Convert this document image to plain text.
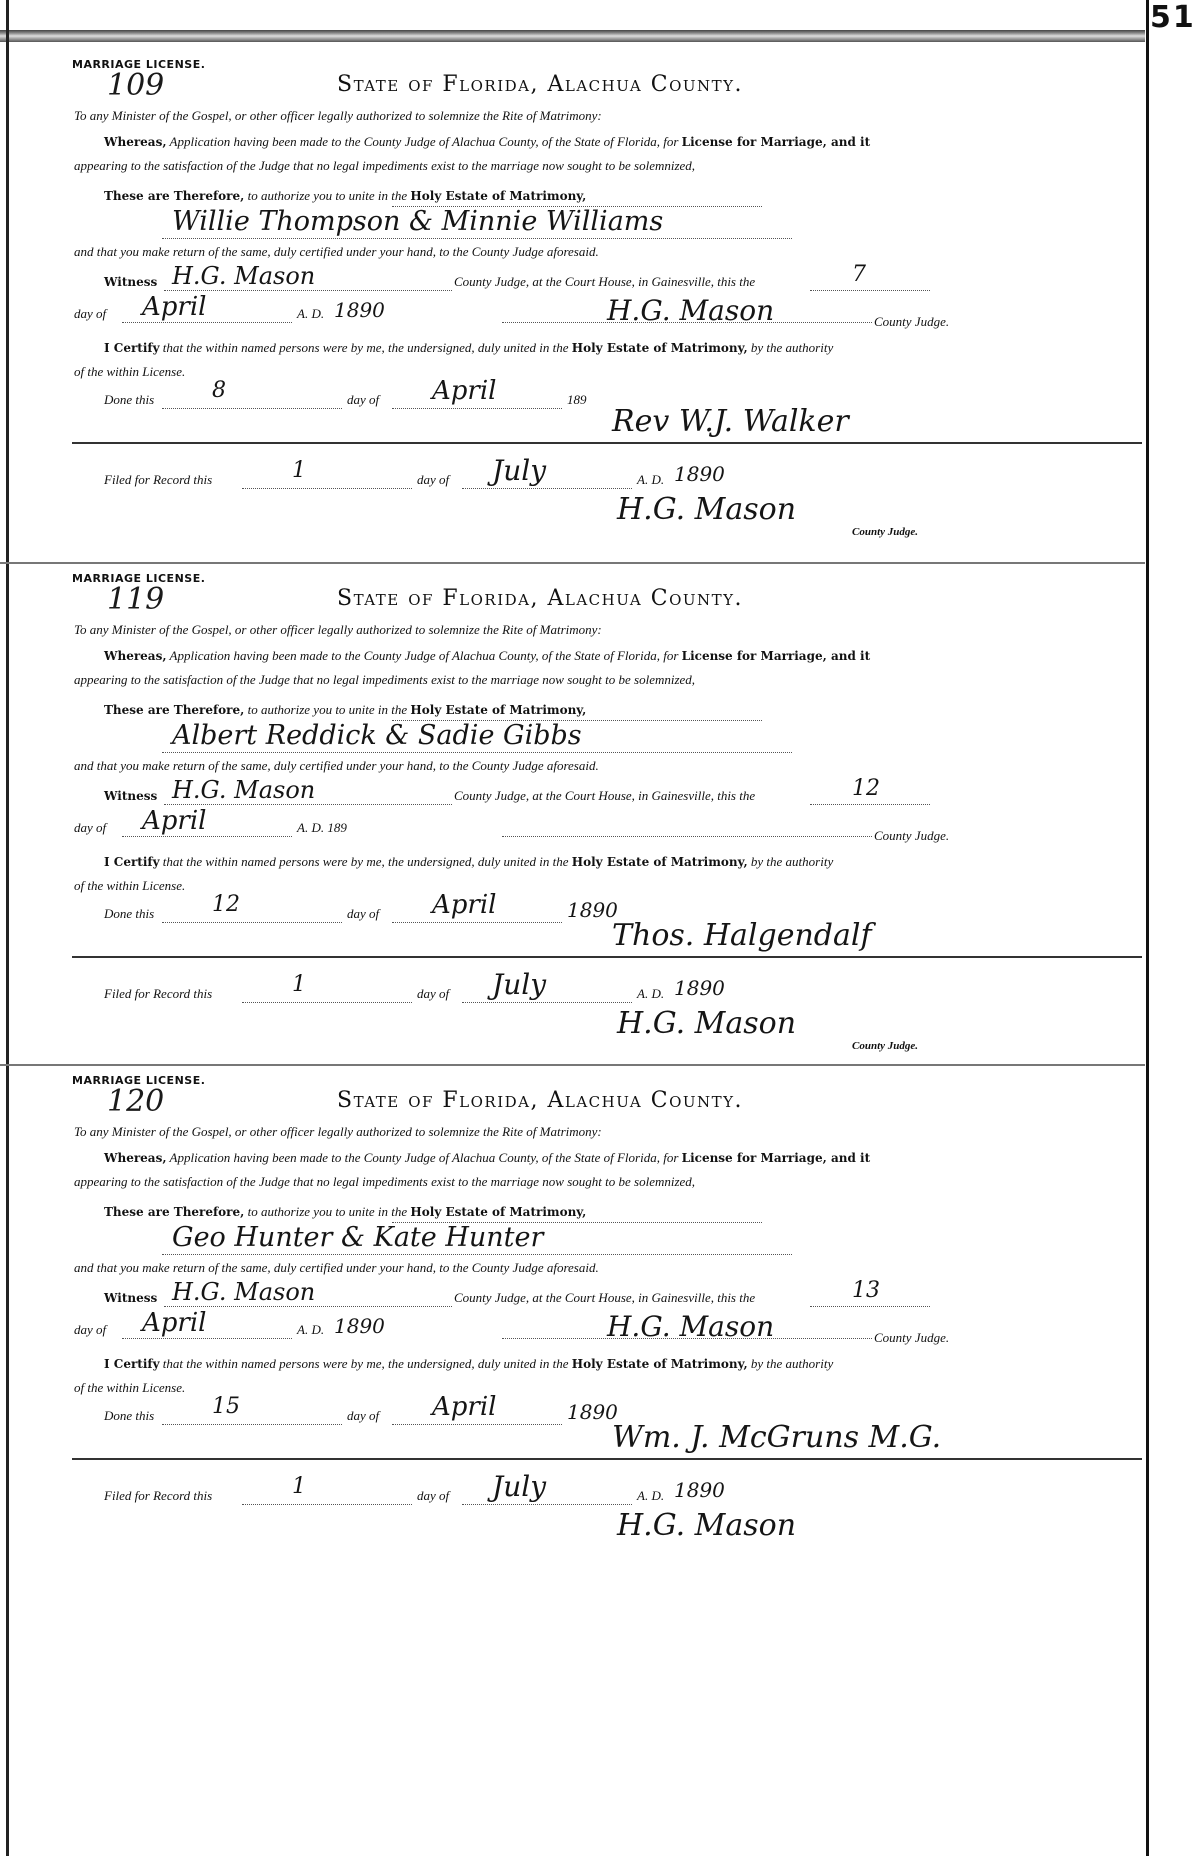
51
MARRIAGE LICENSE.
109	State of Florida, Alachua County.
To any Minister of the Gospel, or other officer legally authorized to solemnize the Rite of Matrimony:
Whereas, Application having been made to the County Judge of Alachua County, of the State of Florida, for License for Marriage, and it
appearing to the satisfaction of the Judge that no legal impediments exist to the marriage now sought to be solemnized,
These are Therefore, to authorize you to unite in the Holy Estate of Matrimony,
Willie Thompson & Minnie Williams
and that you make return of the same, duly certified under your hand, to the County Judge aforesaid.
Witness H.G. Mason	County Judge, at the Court House, in Gainesville, this the	7
day of April	A. D. 1890	H.G. Mason	County Judge.
I Certify that the within named persons were by me, the undersigned, duly united in the Holy Estate of Matrimony, by the authority
of the within License.
Done this	8	day of April	189
Rev W.J. Walker
Filed for Record this	1	day of July	A. D. 1890
H.G. Mason
County Judge.
MARRIAGE LICENSE.
119	State of Florida, Alachua County.
To any Minister of the Gospel, or other officer legally authorized to solemnize the Rite of Matrimony:
Whereas, Application having been made to the County Judge of Alachua County, of the State of Florida, for License for Marriage, and it
appearing to the satisfaction of the Judge that no legal impediments exist to the marriage now sought to be solemnized,
These are Therefore, to authorize you to unite in the Holy Estate of Matrimony,
Albert Reddick & Sadie Gibbs
and that you make return of the same, duly certified under your hand, to the County Judge aforesaid.
Witness H.G. Mason	County Judge, at the Court House, in Gainesville, this the	12
day of April	A. D. 189
County Judge.
I Certify that the within named persons were by me, the undersigned, duly united in the Holy Estate of Matrimony, by the authority
of the within License.
Done this	12	day of April	1890
Thos. Halgendalf
Filed for Record this	1	day of July	A. D. 1890
H.G. Mason
County Judge.
MARRIAGE LICENSE.
120	State of Florida, Alachua County.
To any Minister of the Gospel, or other officer legally authorized to solemnize the Rite of Matrimony:
Whereas, Application having been made to the County Judge of Alachua County, of the State of Florida, for License for Marriage, and it
appearing to the satisfaction of the Judge that no legal impediments exist to the marriage now sought to be solemnized,
These are Therefore, to authorize you to unite in the Holy Estate of Matrimony,
Geo Hunter & Kate Hunter
and that you make return of the same, duly certified under your hand, to the County Judge aforesaid.
Witness H.G. Mason	County Judge, at the Court House, in Gainesville, this the	13
day of April	A. D. 1890	H.G. Mason	County Judge.
I Certify that the within named persons were by me, the undersigned, duly united in the Holy Estate of Matrimony, by the authority
of the within License.
Done this	15	day of April	1890
Wm. J. McGruns M.G.
Filed for Record this	1	day of July	A. D. 1890
H.G. Mason
